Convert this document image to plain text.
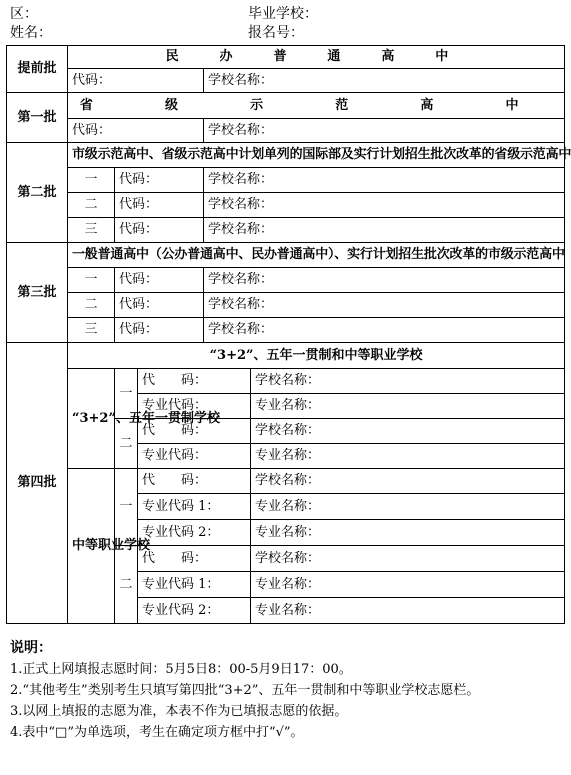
区：	毕业学校：
姓名：	报名号：
提前批	民 办 普 通 高 中					
	代码：			学校名称：		
第一批	省 级 示 范 高 中					
	代码：			学校名称：		
第二批	市级示范高中、省级示范高中计划单列的国际部及实行计划招生批次改革的省级示范高中					
	一	代码：		学校名称：		
	二	代码：		学校名称：		
	三	代码：		学校名称：		
第三批	一般普通高中（公办普通高中、民办普通高中）、实行计划招生批次改革的市级示范高中					
	一	代码：		学校名称：		
	二	代码：		学校名称：		
	三	代码：		学校名称：		
第四批	“3+2”、五年一贯制和中等职业学校					
	“3+2”、五年一贯制学校	一	代　　码：		学校名称：	

			专业代码：		专业名称：	
		二	代　　码：		学校名称：	

			专业代码：		专业名称：	
	中等职业学校	一	代　　码：		学校名称：	

			专业代码 1：		专业名称：	
			专业代码 2：		专业名称：	
		二	代　　码：		学校名称：	

			专业代码 1：		专业名称：	
			专业代码 2：		专业名称：	
说明：
1.正式上网填报志愿时间：5月5日8：00-5月9日17：00。
2.“其他考生”类别考生只填写第四批“3+2”、五年一贯制和中等职业学校志愿栏。
3.以网上填报的志愿为准，本表不作为已填报志愿的依据。
4.表中“□”为单选项，考生在确定项方框中打“√”。
